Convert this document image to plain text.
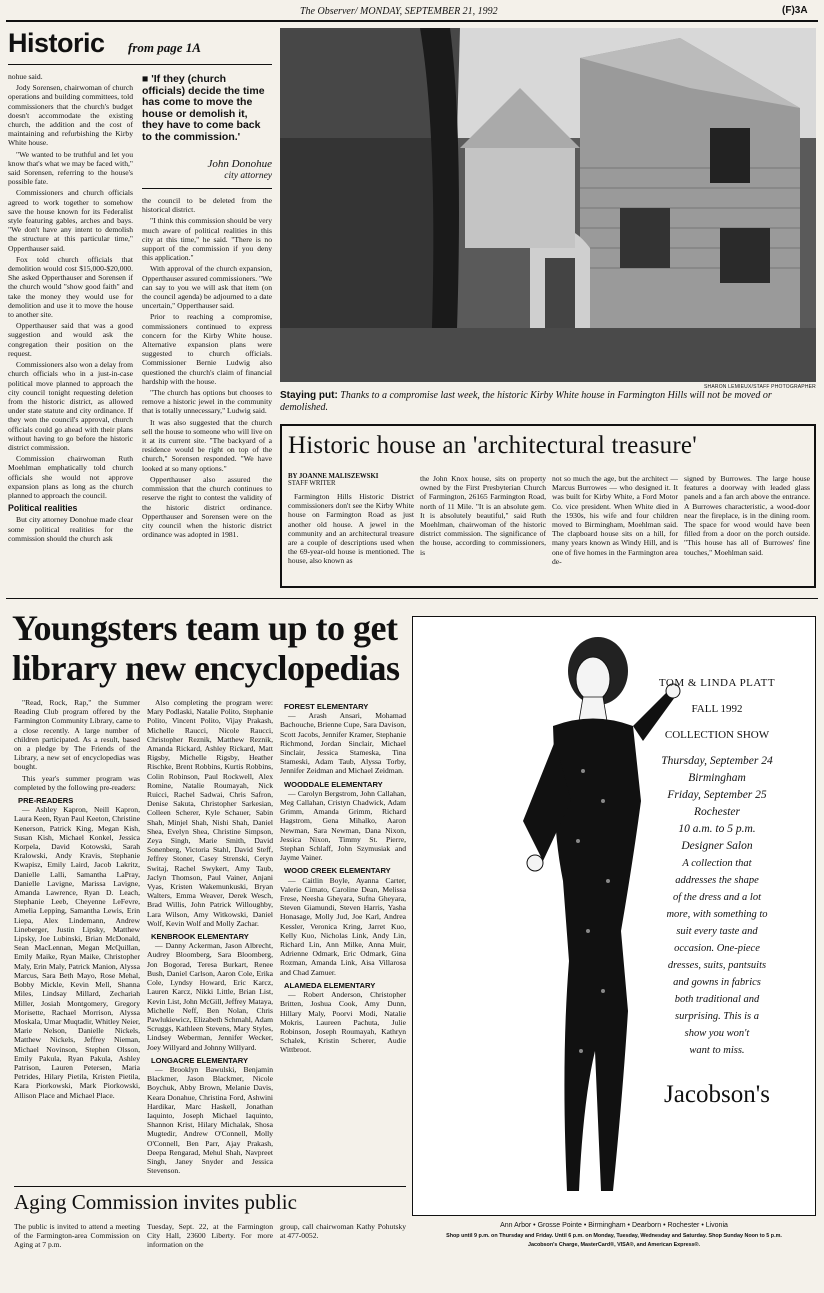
The Observer/ MONDAY, SEPTEMBER 21, 1992	(F)3A
Historic from page 1A

nohue said.

Jody Sorensen, chairwoman of church operations and building committees, told commissioners that the church's budget doesn't accommodate the existing church, the addition and the cost of maintaining and refurbishing the Kirby White house.

"We wanted to be truthful and let you know that's what we may be faced with," said Sorensen, referring to the house's possible fate.

Commissioners and church officials agreed to work together to somehow save the house known for its Federalist style featuring gables, arches and bays. "We don't have any intent to demolish the structure at this particular time," Opperthauser said.

Fox told church officials that demolition would cost $15,000-$20,000. She asked Opperthauser and Sorensen if the church would "show good faith" and take the money they would use for demolition and use it to move the house to another site.

Opperthauser said that was a good suggestion and would ask the congregation their position on the request.

Commissioners also won a delay from church officials who in a just-in-case political move planned to approach the city council tonight requesting deletion from the historic district, as allowed under state statute and city ordinance. If they won the council's approval, church officials could go ahead with their plans without having to go before the historic district commission.

Commission chairwoman Ruth Moehlman emphatically told church officials she would not approve expansion plans as long as the church planned to approach the council.

Political realities

But city attorney Donohue made clear some political realities for the commission should the church ask

■ 'If they (church officials) decide the time has come to move the house or demolish it, they have to come back to the commission.'
John Donohue
city attorney

the council to be deleted from the historical district.

"I think this commission should be very much aware of political realities in this city at this time," he said. "There is no support of the commission if you deny this application."

With approval of the church expansion, Opperthauser assured commissioners. "We can say to you we will ask that item (on the council agenda) be adjourned to a date uncertain," Opperthauser said.

Prior to reaching a compromise, commissioners continued to express concern for the Kirby White house. Alternative expansion plans were suggested to church officials. Commissioner Bernie Ludwig also questioned the church's claim of financial hardship with the house.

"The church has options but chooses to remove a historic jewel in the community that is totally unnecessary," Ludwig said.

It was also suggested that the church sell the house to someone who will live on it at its current site. "The backyard of a residence would be right on top of the church," Sorensen responded. "We have looked at so many options."

Opperthauser also assured the commission that the church continues to reserve the right to contest the validity of the historic district ordinance. Opperthauser and Sorensen were on the city council when the historic district ordinance was adopted in 1981.

SHARON LEMIEUX/STAFF PHOTOGRAPHER
Staying put: Thanks to a compromise last week, the historic Kirby White house in Farmington Hills will not be moved or demolished.
Historic house an 'architectural treasure'
BY JOANNE MALISZEWSKI
STAFF WRITER
Farmington Hills Historic District commissioners don't see the Kirby White house on Farmington Road as just another old house. A jewel in the community and an architectural treasure are a couple of descriptions used when the 69-year-old house is mentioned. The house, also known as
the John Knox house, sits on property owned by the First Presbyterian Church of Farmington, 26165 Farmington Road, north of 11 Mile. "It is an absolute gem. It is absolutely beautiful," said Ruth Moehlman, chairwoman of the historic district commission. The significance of the house, according to commissioners, is
not so much the age, but the architect — Marcus Burrowes — who designed it. It was built for Kirby White, a Ford Motor Co. vice president. When White died in the 1930s, his wife and four children moved to Birmingham, Moehlman said. The clapboard house sits on a hill, for many years known as Windy Hill, and is one of five homes in the Farmington area de-
signed by Burrowes. The large house features a doorway with leaded glass panels and a fan arch above the entrance. A Burrowes characteristic, a wood-door near the fireplace, is in the dining room. The space for wood would have been filled from a door on the porch outside. "This house has all of Burrowes' fine touches," Moehlman said.
Youngsters team up to get library new encyclopedias

"Read, Rock, Rap," the Summer Reading Club program offered by the Farmington Community Library, came to a close recently. A large number of children participated. As a result, based on a pledge by The Friends of the Library, a new set of encyclopedias was bought.

This year's summer program was completed by the following pre-readers:

PRE-READERS

— Ashley Kapron, Neill Kapron, Laura Keen, Ryan Paul Keeton, Christine Kenerson, Patrick King, Megan Kish, Susan Kish, Michael Konkel, Jessica Korpela, David Kotowski, Sarah Kralowski, Andy Kravis, Stephanie Kwapisz, Emily Laird, Jacob Lakritz, Danielle Lalli, Samantha LaPray, Danielle Lavigne, Marissa Lavigne, Amanda Lawrence, Ryan D. Leach, Stephanie Leeb, Cheyenne LeFevre, Amelia Lepping, Samantha Lewis, Erin Liepa, Alex Lindemann, Andrew Lineberger, Justin Lipsky, Matthew Lipsky, Joe Lubinski, Brian McDonald, Sean MacLennan, Megan McQuillan, Emily Maike, Ryan Maike, Christopher Maly, Erin Maly, Patrick Manion, Alyssa Marcus, Sara Beth Mayo, Rose Mehal, Bobby Mickle, Kevin Mell, Shanna Miles, Lindsay Millard, Zechariah Miller, Josiah Montgomery, Gregory Morisette, Rachael Morrison, Alyssa Moskala, Umar Muqtadir, Whitley Neier, Marie Nelson, Danielle Nickels, Matthew Nickels, Jeffrey Nieman, Michael Novinson, Stephen Olsson, Emily Pakula, Ryan Pakula, Ashley Patrison, Lauren Petersen, Maria Petrides, Hilary Pietila, Kristen Pietila, Kara Piorkowski, Mark Piorkowski, Allison Place and Michael Place.

Also completing the program were: Mary Podlaski, Natalie Polito, Stephanie Polito, Vincent Polito, Vijay Prakash, Michelle Raucci, Nicole Raucci, Christopher Reznik, Matthew Reznik, Amanda Rickard, Ashley Rickard, Matt Rigsby, Michelle Rigsby, Heather Rischke, Brent Robbins, Kurtis Robbins, Colin Robinson, Paul Rockwell, Alex Romine, Natalie Roumayah, Nick Ruicci, Rachel Sadwai, Chris Safron, Denise Sakuta, Christopher Sarkesian, Colleen Scherer, Kyle Schauer, Sabin Shah, Minjel Shah, Nishi Shah, Daniel Shea, Evelyn Shea, Christine Simpson, Zeya Singh, Marie Smith, David Sonenberg, Victoria Stahl, David Steff, Jeffrey Stoner, Casey Strenski, Ceryn Switaj, Rachel Swykert, Amy Taub, Jaclyn Thomson, Paul Vainer, Anjani Vyas, Kristen Wakemunkuski, Bryan Walters, Emma Weaver, Derek Wesch, Brad Willis, John Patrick Willoughby, Lara Wilson, Amy Witkowski, Daniel Wolf, Kevin Wolf and Molly Zachar.

KENBROOK ELEMENTARY

— Danny Ackerman, Jason Albrecht, Audrey Bloomberg, Sara Bloomberg, Jon Bogorad, Teresa Burkart, Renee Bush, Daniel Carlson, Aaron Cole, Erika Cole, Lyndsy Howard, Eric Karcz, Lauren Karcz, Nikki Little, Brian List, Kevin List, John McGill, Jeffrey Mataya, Michelle Neff, Ben Nolan, Chris Pawlukiewicz, Elizabeth Schmahl, Adam Scruggs, Kathleen Stevens, Mary Styles, Lindsey Weberman, Jennifer Wecker, Joey Willyard and Johnny Willyard.

LONGACRE ELEMENTARY

— Brooklyn Bawulski, Benjamin Blackmer, Jason Blackmer, Nicole Boychuk, Abby Brown, Melanie Davis, Keara Donahue, Christina Ford, Ashwini Hardikar, Marc Haskell, Jonathan Iaquinto, Joseph Michael Iaquinto, Shannon Krist, Hilary Michalak, Shosa Mugtedir, Andrew O'Connell, Molly O'Connell, Ben Parr, Ajay Prakash, Deepa Rengarad, Mehul Shah, Navpreet Singh, Janey Snyder and Jessica Stevenson.

FOREST ELEMENTARY

— Arash Ansari, Mohamad Bachouche, Brienne Cupe, Sara Davison, Scott Jacobs, Jennifer Kramer, Stephanie Richmond, Jordan Sinclair, Michael Sinclair, Jessica Stameska, Tina Stameski, Adam Taub, Alyssa Torby, Jennifer Zeidman and Michael Zeidman.

WOODDALE ELEMENTARY

— Carolyn Bergstrom, John Callahan, Meg Callahan, Cristyn Chadwick, Adam Grimm, Amanda Grimm, Richard Hagstrom, Gena Mihalko, Aaron Newman, Sara Newman, Dana Nixon, Jessica Nixon, Timmy St. Pierre, Stephan Schlaff, John Szymusiak and Jayme Vainer.

WOOD CREEK ELEMENTARY

— Caitlin Boyle, Ayanna Carter, Valerie Cimato, Caroline Dean, Melissa Frese, Neesha Gheyara, Sufna Gheyara, Steven Giamundi, Steven Harris, Yasha Honasage, Molly Jud, Joe Karl, Andrea Kessler, Veronica Kring, Jarret Kuo, Kelly Kuo, Nicholas Link, Andy Lin, Richard Lin, Ann Milke, Anna Muir, Adrienne Odmark, Eric Odmark, Gina Rozman, Amanda Link, Aisa Villarosa and Chad Zamuer.

ALAMEDA ELEMENTARY

— Robert Anderson, Christopher Britten, Joshua Cook, Amy Dunn, Hillary Maly, Poorvi Modi, Natalie Mokris, Laureen Pachuta, Julie Robinson, Joseph Roumayah, Kathryn Schalek, Kristin Scherer, Audie Wittbroot.

Aging Commission invites public
The public is invited to attend a meeting of the Farmington-area Commission on Aging at 7 p.m.
Tuesday, Sept. 22, at the Farmington City Hall, 23600 Liberty. For more information on the
group, call chairwoman Kathy Pohutsky at 477-0052.
TOM & LINDA PLATT
FALL 1992
COLLECTION SHOW
Thursday, September 24
Birmingham
Friday, September 25
Rochester
10 a.m. to 5 p.m.
Designer Salon
A collection that
addresses the shape
of the dress and a lot
more, with something to
suit every taste and
occasion. One-piece
dresses, suits, pantsuits
and gowns in fabrics
both traditional and
surprising. This is a
show you won't
want to miss.
Jacobson's
Ann Arbor • Grosse Pointe • Birmingham • Dearborn • Rochester • Livonia
Shop until 9 p.m. on Thursday and Friday. Until 6 p.m. on Monday, Tuesday, Wednesday and Saturday. Shop Sunday Noon to 5 p.m.
Jacobson's Charge, MasterCard®, VISA®, and American Express®.
